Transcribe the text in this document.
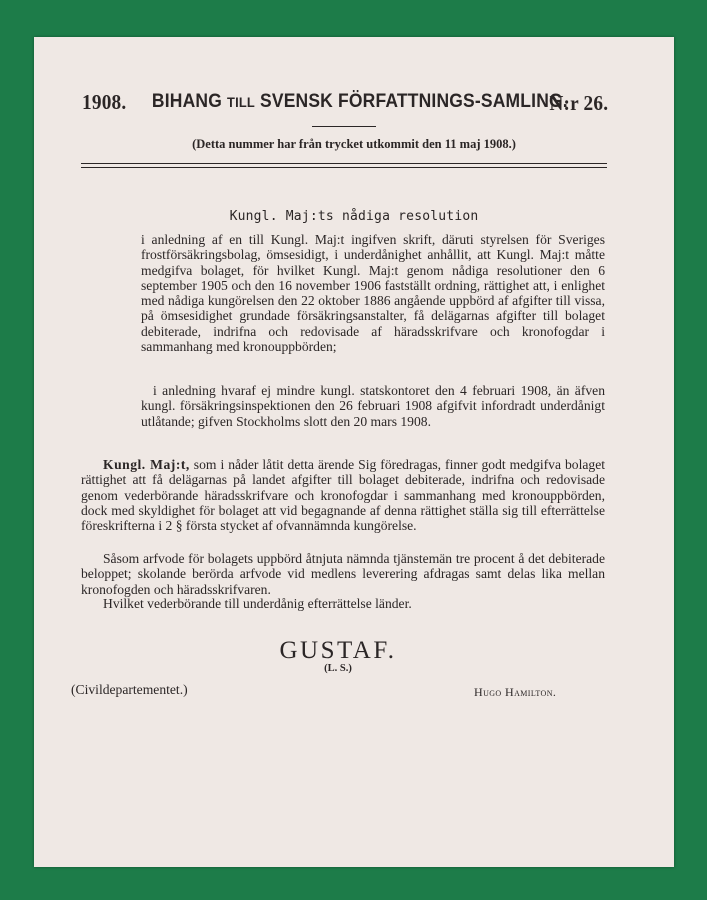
1908. BIHANG TILL SVENSK FÖRFATTNINGS-SAMLING.
N:r 26.
(Detta nummer har från trycket utkommit den 11 maj 1908.)
Kungl. Maj:ts nådiga resolution
i anledning af en till Kungl. Maj:t ingifven skrift, däruti styrelsen för Sveriges frostförsäkringsbolag, ömsesidigt, i underdånighet anhållit, att Kungl. Maj:t måtte medgifva bolaget, för hvilket Kungl. Maj:t genom nådiga resolutioner den 6 september 1905 och den 16 november 1906 fastställt ordning, rättighet att, i enlighet med nådiga kungörelsen den 22 oktober 1886 angående uppbörd af afgifter till vissa, på ömsesidighet grundade försäkringsanstalter, få delägarnas afgifter till bolaget debiterade, indrifna och redovisade af häradsskrifvare och kronofogdar i sammanhang med kronouppbörden;
i anledning hvaraf ej mindre kungl. statskontoret den 4 februari 1908, än äfven kungl. försäkringsinspektionen den 26 februari 1908 afgifvit infordradt underdånigt utlåtande; gifven Stockholms slott den 20 mars 1908.
Kungl. Maj:t, som i nåder låtit detta ärende Sig föredragas, finner godt medgifva bolaget rättighet att få delägarnas på landet afgifter till bolaget debiterade, indrifna och redovisade genom vederbörande häradsskrifvare och kronofogdar i sammanhang med kronouppbörden, dock med skyldighet för bolaget att vid begagnande af denna rättighet ställa sig till efterrättelse föreskrifterna i 2 § första stycket af ofvannämnda kungörelse.
Såsom arfvode för bolagets uppbörd åtnjuta nämnda tjänstemän tre procent å det debiterade beloppet; skolande berörda arfvode vid medlens leverering afdragas samt delas lika mellan kronofogden och häradsskrifvaren.
Hvilket vederbörande till underdånig efterrättelse länder.
GUSTAF.
(L. S.)
(Civildepartementet.)	Hugo Hamilton.
